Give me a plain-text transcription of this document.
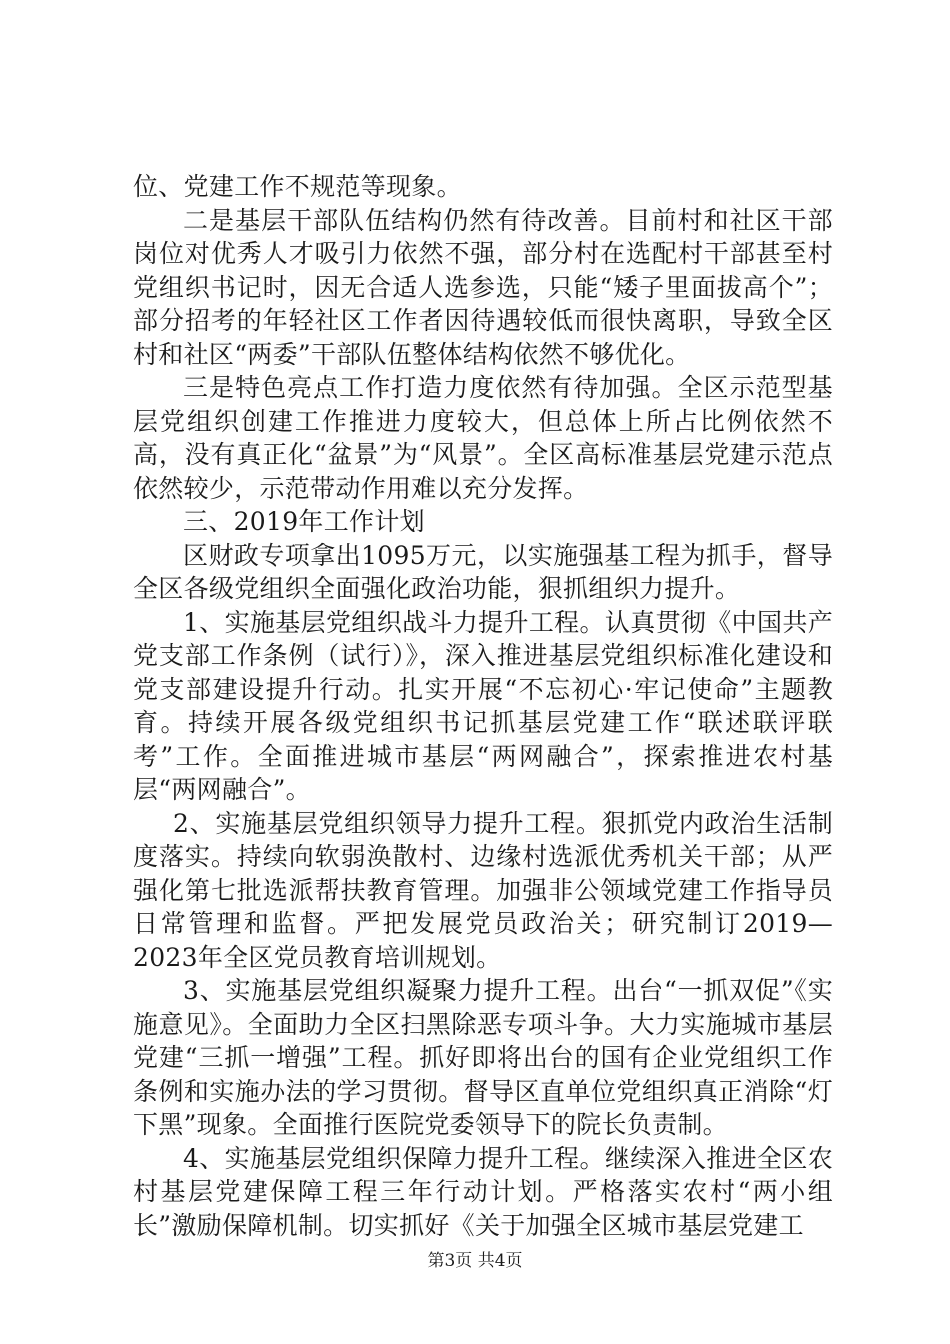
位、党建工作不规范等现象。

二是基层干部队伍结构仍然有待改善。目前村和社区干部岗位对优秀人才吸引力依然不强，部分村在选配村干部甚至村党组织书记时，因无合适人选参选，只能“矮子里面拔高个”；部分招考的年轻社区工作者因待遇较低而很快离职，导致全区村和社区“两委”干部队伍整体结构依然不够优化。

三是特色亮点工作打造力度依然有待加强。全区示范型基层党组织创建工作推进力度较大，但总体上所占比例依然不高，没有真正化“盆景”为“风景”。全区高标准基层党建示范点依然较少，示范带动作用难以充分发挥。

三、2019年工作计划

区财政专项拿出1095万元，以实施强基工程为抓手，督导全区各级党组织全面强化政治功能，狠抓组织力提升。

1、实施基层党组织战斗力提升工程。认真贯彻《中国共产党支部工作条例（试行）》，深入推进基层党组织标准化建设和党支部建设提升行动。扎实开展“不忘初心·牢记使命”主题教育。持续开展各级党组织书记抓基层党建工作“联述联评联考”工作。全面推进城市基层“两网融合”，探索推进农村基层“两网融合”。

2、实施基层党组织领导力提升工程。狠抓党内政治生活制度落实。持续向软弱涣散村、边缘村选派优秀机关干部；从严强化第七批选派帮扶教育管理。加强非公领域党建工作指导员日常管理和监督。严把发展党员政治关；研究制订2019—2023年全区党员教育培训规划。

3、实施基层党组织凝聚力提升工程。出台“一抓双促”《实施意见》。全面助力全区扫黑除恶专项斗争。大力实施城市基层党建“三抓一增强”工程。抓好即将出台的国有企业党组织工作条例和实施办法的学习贯彻。督导区直单位党组织真正消除“灯下黑”现象。全面推行医院党委领导下的院长负责制。

4、实施基层党组织保障力提升工程。继续深入推进全区农村基层党建保障工程三年行动计划。严格落实农村“两小组长”激励保障机制。切实抓好《关于加强全区城市基层党建工

第3页 共4页
